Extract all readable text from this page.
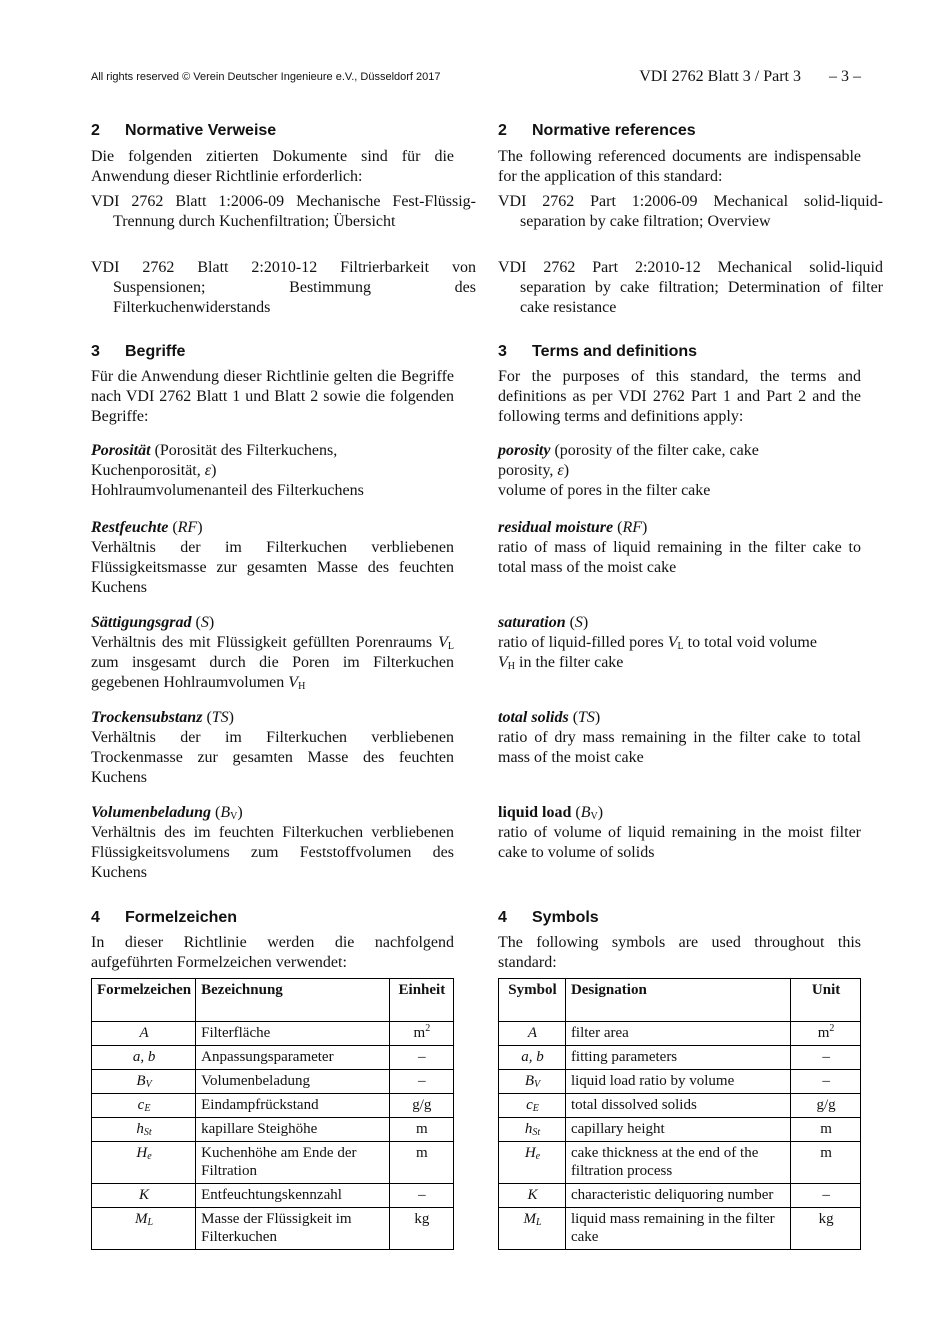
All rights reserved © Verein Deutscher Ingenieure e.V., Düsseldorf 2017	VDI 2762 Blatt 3 / Part 3 – 3 –
2 Normative Verweise
Die folgenden zitierten Dokumente sind für die Anwendung dieser Richtlinie erforderlich:
VDI 2762 Blatt 1:2006-09 Mechanische Fest-Flüssig-Trennung durch Kuchenfiltration; Übersicht
VDI 2762 Blatt 2:2010-12 Filtrierbarkeit von Suspensionen; Bestimmung des Filterkuchenwiderstands
3 Begriffe
Für die Anwendung dieser Richtlinie gelten die Begriffe nach VDI 2762 Blatt 1 und Blatt 2 sowie die folgenden Begriffe:
Porosität (Porosität des Filterkuchens,
Kuchenporosität, ε)
Hohlraumvolumenanteil des Filterkuchens
Restfeuchte (RF)
Verhältnis der im Filterkuchen verbliebenen Flüssigkeitsmasse zur gesamten Masse des feuchten Kuchens
Sättigungsgrad (S)
Verhältnis des mit Flüssigkeit gefüllten Porenraums $V_L$ zum insgesamt durch die Poren im Filterkuchen gegebenen Hohlraumvolumen $V_H$
Trockensubstanz (TS)
Verhältnis der im Filterkuchen verbliebenen Trockenmasse zur gesamten Masse des feuchten Kuchens
Volumenbeladung $(B_V)$
Verhältnis des im feuchten Filterkuchen verbliebenen Flüssigkeitsvolumens zum Feststoffvolumen des Kuchens
4 Formelzeichen
In dieser Richtlinie werden die nachfolgend aufgeführten Formelzeichen verwendet:
Formelzeichen	Bezeichnung	Einheit
A	Filterfläche	$m^2$
a, b	Anpassungsparameter	–
$B_V$	Volumenbeladung	–
$c_E$	Eindampfrückstand	g/g
$h_{St}$	kapillare Steighöhe	m
$H_e$	Kuchenhöhe am Ende der Filtration	m
K	Entfeuchtungskennzahl	–
$M_L$	Masse der Flüssigkeit im Filterkuchen	kg
2 Normative references
The following referenced documents are indispensable for the application of this standard:
VDI 2762 Part 1:2006-09 Mechanical solid-liquid-separation by cake filtration; Overview
VDI 2762 Part 2:2010-12 Mechanical solid-liquid separation by cake filtration; Determination of filter cake resistance
3 Terms and definitions
For the purposes of this standard, the terms and definitions as per VDI 2762 Part 1 and Part 2 and the following terms and definitions apply:
porosity (porosity of the filter cake, cake
porosity, ε)
volume of pores in the filter cake
residual moisture (RF)
ratio of mass of liquid remaining in the filter cake to total mass of the moist cake
saturation (S)
ratio of liquid-filled pores $V_L$ to total void volume
$V_H$ in the filter cake
total solids (TS)
ratio of dry mass remaining in the filter cake to total mass of the moist cake
liquid load $(B_V)$
ratio of volume of liquid remaining in the moist filter cake to volume of solids
4 Symbols
The following symbols are used throughout this standard:
Symbol	Designation	Unit
A	filter area	$m^2$
a, b	fitting parameters	–
$B_V$	liquid load ratio by volume	–
$c_E$	total dissolved solids	g/g
$h_{St}$	capillary height	m
$H_e$	cake thickness at the end of the filtration process	m
K	characteristic deliquoring number	–
$M_L$	liquid mass remaining in the filter cake	kg
